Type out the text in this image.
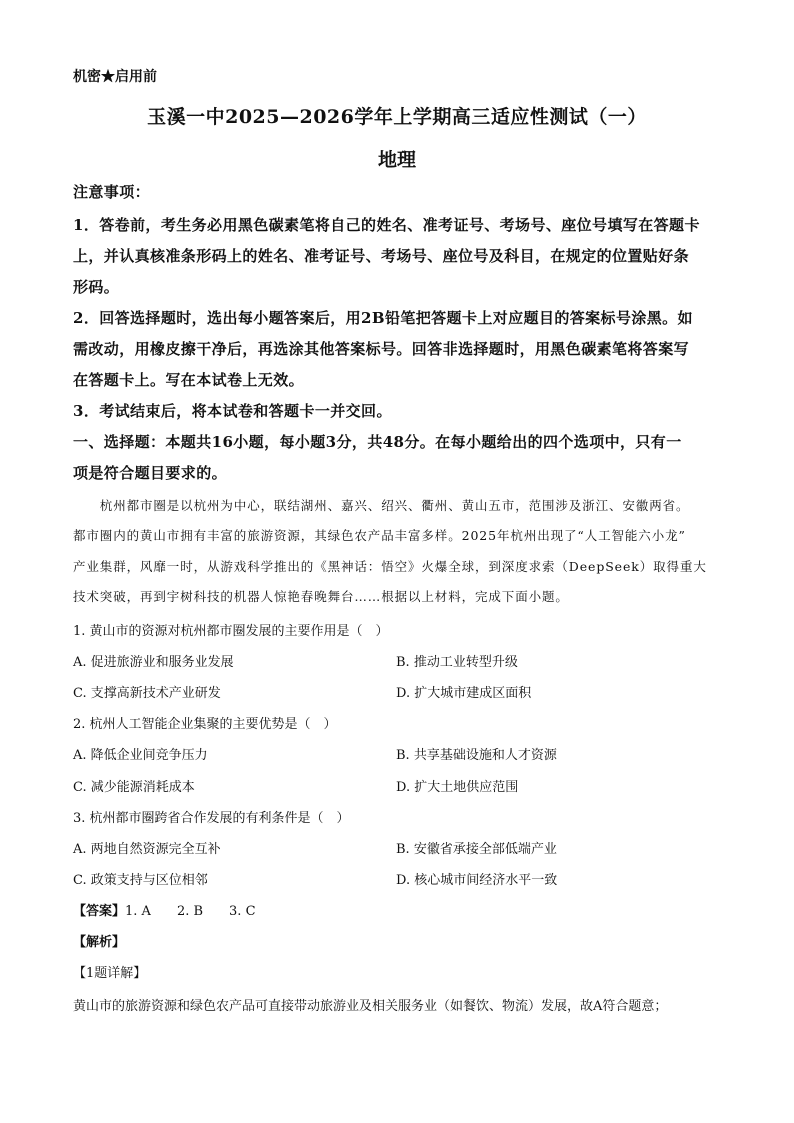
机密★启用前
玉溪一中2025—2026学年上学期高三适应性测试（一）
地理
注意事项：
1．答卷前，考生务必用黑色碳素笔将自己的姓名、准考证号、考场号、座位号填写在答题卡
上，并认真核准条形码上的姓名、准考证号、考场号、座位号及科目，在规定的位置贴好条
形码。
2．回答选择题时，选出每小题答案后，用2B铅笔把答题卡上对应题目的答案标号涂黑。如
需改动，用橡皮擦干净后，再选涂其他答案标号。回答非选择题时，用黑色碳素笔将答案写
在答题卡上。写在本试卷上无效。
3．考试结束后，将本试卷和答题卡一并交回。
一、选择题：本题共16小题，每小题3分，共48分。在每小题给出的四个选项中，只有一
项是符合题目要求的。
　　杭州都市圈是以杭州为中心，联结湖州、嘉兴、绍兴、衢州、黄山五市，范围涉及浙江、安徽两省。
都市圈内的黄山市拥有丰富的旅游资源，其绿色农产品丰富多样。2025年杭州出现了“人工智能六小龙”
产业集群，风靡一时，从游戏科学推出的《黑神话：悟空》火爆全球，到深度求索（DeepSeek）取得重大
技术突破，再到宇树科技的机器人惊艳春晚舞台……根据以上材料，完成下面小题。
1. 黄山市的资源对杭州都市圈发展的主要作用是（　）
A. 促进旅游业和服务业发展	B. 推动工业转型升级
C. 支撑高新技术产业研发	D. 扩大城市建成区面积
2. 杭州人工智能企业集聚的主要优势是（　）
A. 降低企业间竞争压力	B. 共享基础设施和人才资源
C. 减少能源消耗成本	D. 扩大土地供应范围
3. 杭州都市圈跨省合作发展的有利条件是（　）
A. 两地自然资源完全互补	B. 安徽省承接全部低端产业
C. 政策支持与区位相邻	D. 核心城市间经济水平一致
【答案】1. A　　2. B　　3. C
【解析】
【1题详解】
黄山市的旅游资源和绿色农产品可直接带动旅游业及相关服务业（如餐饮、物流）发展，故A符合题意；
